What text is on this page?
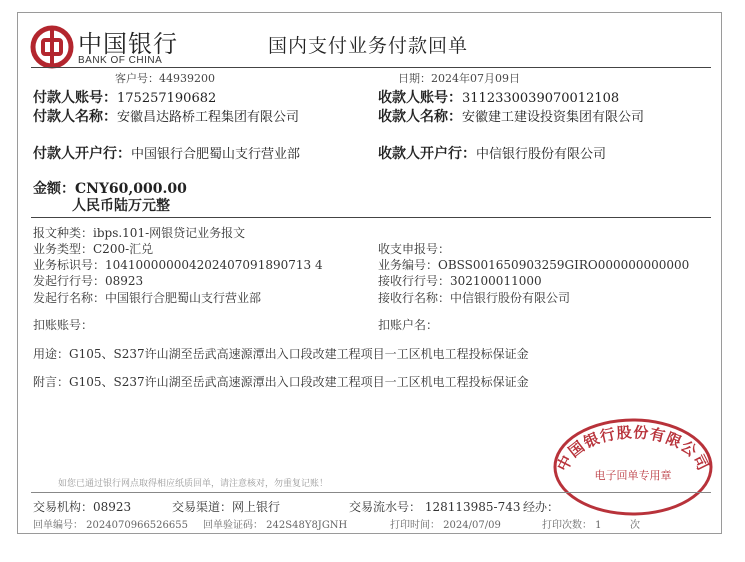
中国银行
BANK OF CHINA
国内支付业务付款回单
客户号：44939200	日期：2024年07月09日
付款人账号：175257190682	收款人账号：3112330039070012108
付款人名称：安徽昌达路桥工程集团有限公司	收款人名称：安徽建工建设投资集团有限公司
付款人开户行：中国银行合肥蜀山支行营业部	收款人开户行：中信银行股份有限公司
金额：CNY60,000.00
人民币陆万元整
报文种类：ibps.101-网银贷记业务报文
业务类型：C200-汇兑	收支申报号：
业务标识号：104100000004202407091890713 4	业务编号：OBSS001650903259GIRO000000000000
发起行行号：08923	接收行行号：302100011000
发起行名称：中国银行合肥蜀山支行营业部	接收行名称：中信银行股份有限公司
扣账账号：	扣账户名：
用途：G105、S237许山湖至岳武高速源潭出入口段改建工程项目一工区机电工程投标保证金
附言：G105、S237许山湖至岳武高速源潭出入口段改建工程项目一工区机电工程投标保证金
如您已通过银行网点取得相应纸质回单，请注意核对，勿重复记账！
中国银行股份有限公司
电子回单专用章
交易机构：08923	交易渠道：网上银行	交易流水号： 128113985-743 经办：
回单编号： 2024070966526655 回单验证码： 242S48Y8JGNH	打印时间： 2024/07/09	打印次数： 1	次
